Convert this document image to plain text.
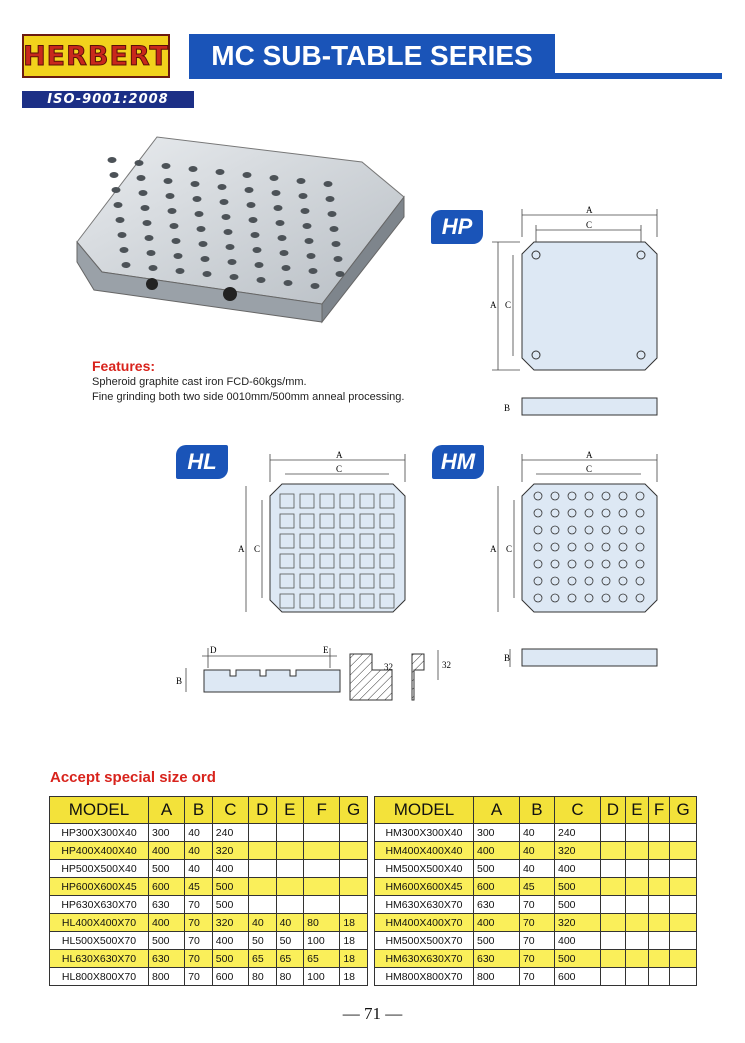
HERBERT
ISO-9001:2008
MC SUB-TABLE SERIES
HP
A
C
A C
B
Features:
Spheroid graphite cast iron FCD-60kgs/mm.
Fine grinding both two side 0010mm/500mm anneal processing.
HL	A
C
A C
D	E
B
32	32
HM	A
C
A C
B
Accept special size ord
MODEL	A	B	C	D	E	F	G
HP300X300X40	300	40	240				
HP400X400X40	400	40	320				
HP500X500X40	500	40	400				
HP600X600X45	600	45	500				
HP630X630X70	630	70	500				
HL400X400X70	400	70	320	40	40	80	18
HL500X500X70	500	70	400	50	50	100	18
HL630X630X70	630	70	500	65	65	65	18
HL800X800X70	800	70	600	80	80	100	18
MODEL	A	B	C	D	E	F	G
HM300X300X40	300	40	240				
HM400X400X40	400	40	320				
HM500X500X40	500	40	400				
HM600X600X45	600	45	500				
HM630X630X70	630	70	500				
HM400X400X70	400	70	320				
HM500X500X70	500	70	400				
HM630X630X70	630	70	500				
HM800X800X70	800	70	600				
— 71 —
